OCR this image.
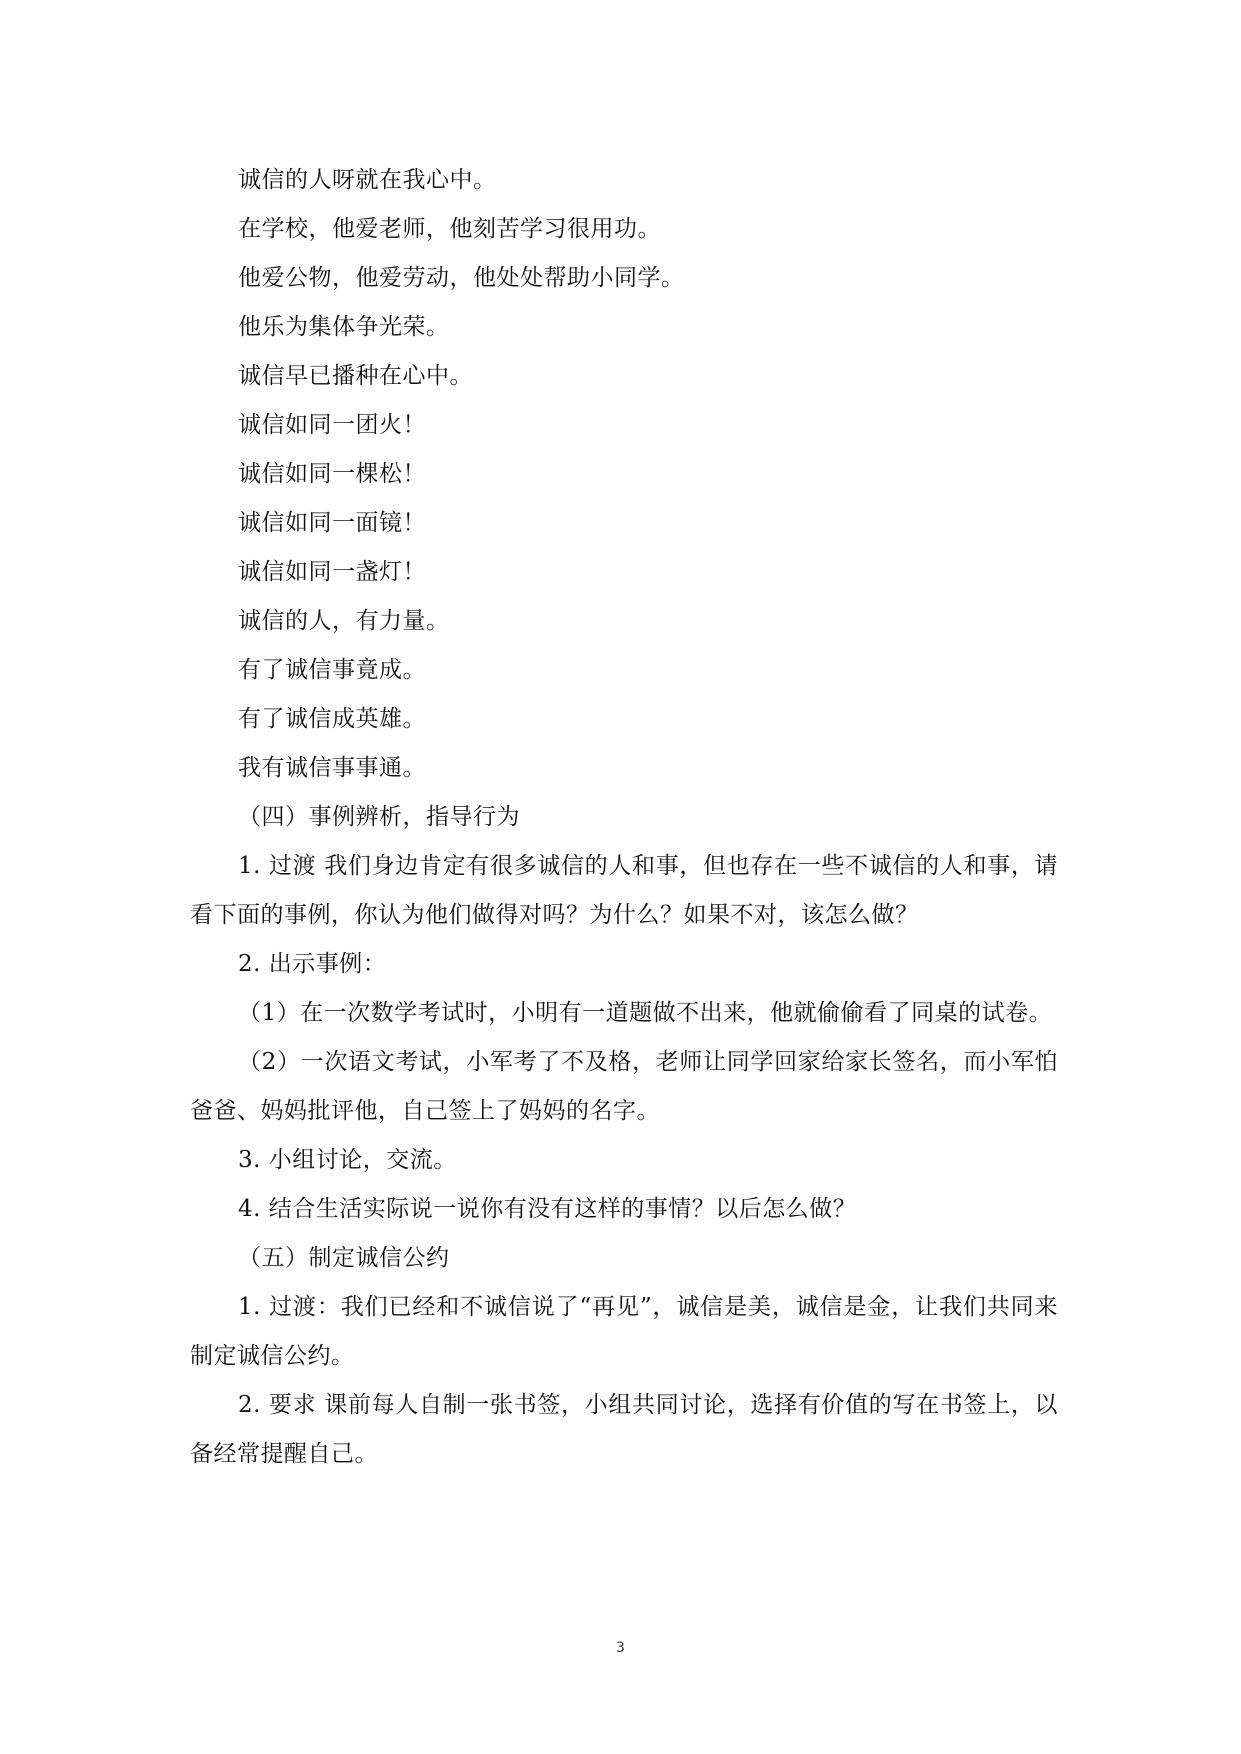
诚信的人呀就在我心中。

在学校，他爱老师，他刻苦学习很用功。

他爱公物，他爱劳动，他处处帮助小同学。

他乐为集体争光荣。

诚信早已播种在心中。

诚信如同一团火！

诚信如同一棵松！

诚信如同一面镜！

诚信如同一盏灯！

诚信的人，有力量。

有了诚信事竟成。

有了诚信成英雄。

我有诚信事事通。

（四）事例辨析，指导行为

1. 过渡 我们身边肯定有很多诚信的人和事，但也存在一些不诚信的人和事，请看下面的事例，你认为他们做得对吗？为什么？如果不对，该怎么做？

2. 出示事例：

（1）在一次数学考试时，小明有一道题做不出来，他就偷偷看了同桌的试卷。

（2）一次语文考试，小军考了不及格，老师让同学回家给家长签名，而小军怕爸爸、妈妈批评他，自己签上了妈妈的名字。

3. 小组讨论，交流。

4. 结合生活实际说一说你有没有这样的事情？以后怎么做？

（五）制定诚信公约

1. 过渡：我们已经和不诚信说了“再见”，诚信是美，诚信是金，让我们共同来制定诚信公约。

2. 要求 课前每人自制一张书签，小组共同讨论，选择有价值的写在书签上，以备经常提醒自己。

3
